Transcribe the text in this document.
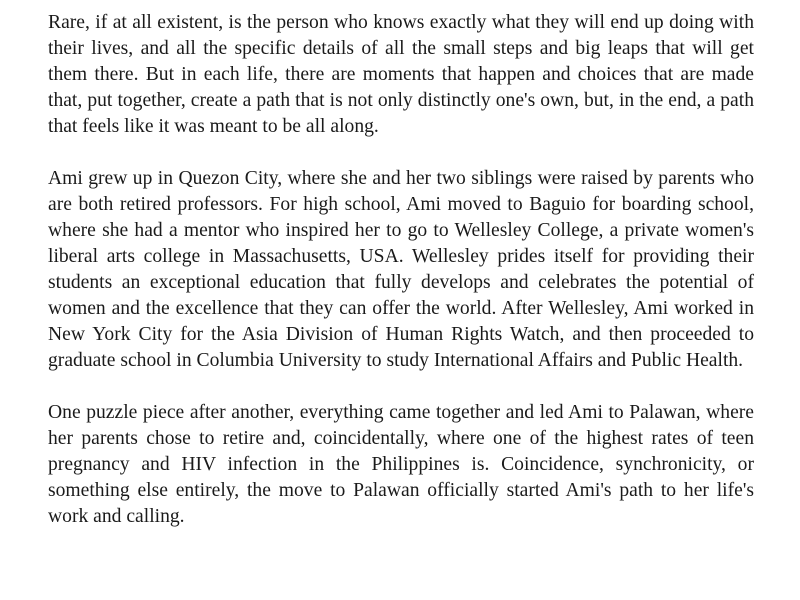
Rare, if at all existent, is the person who knows exactly what they will end up doing with their lives, and all the specific details of all the small steps and big leaps that will get them there. But in each life, there are moments that happen and choices that are made that, put together, create a path that is not only distinctly one's own, but, in the end, a path that feels like it was meant to be all along.

Ami grew up in Quezon City, where she and her two siblings were raised by parents who are both retired professors. For high school, Ami moved to Baguio for boarding school, where she had a mentor who inspired her to go to Wellesley College, a private women's liberal arts college in Massachusetts, USA. Wellesley prides itself for providing their students an exceptional education that fully develops and celebrates the potential of women and the excellence that they can offer the world. After Wellesley, Ami worked in New York City for the Asia Division of Human Rights Watch, and then proceeded to graduate school in Columbia University to study International Affairs and Public Health.

One puzzle piece after another, everything came together and led Ami to Palawan, where her parents chose to retire and, coincidentally, where one of the highest rates of teen pregnancy and HIV infection in the Philippines is. Coincidence, synchronicity, or something else entirely, the move to Palawan officially started Ami's path to her life's work and calling.
